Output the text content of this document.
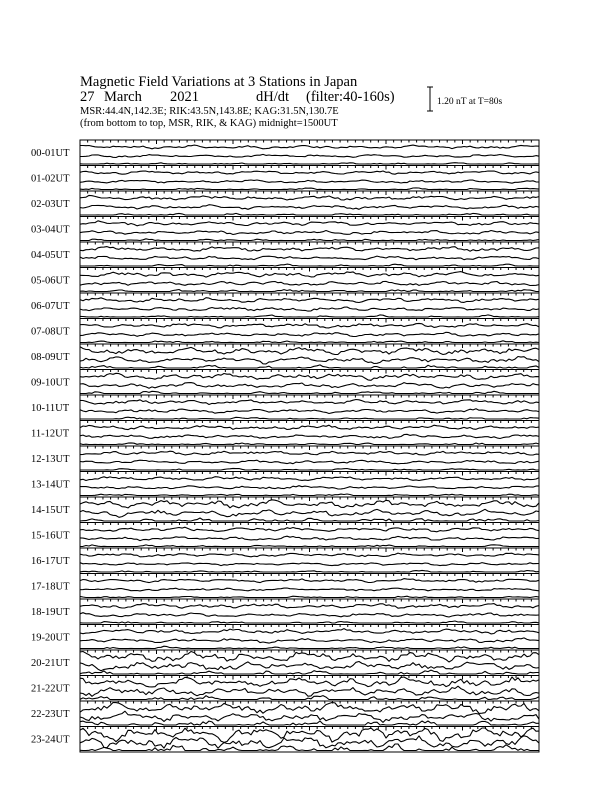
Magnetic Field Variations at 3 Stations in Japan
27 March 2021	dH/dt (filter:40-160s)
MSR:44.4N,142.3E; RIK:43.5N,143.8E; KAG:31.5N,130.7E
(from bottom to top, MSR, RIK, & KAG) midnight=1500UT
1.20 nT at T=80s
00-01UT
01-02UT
02-03UT
03-04UT
04-05UT
05-06UT
06-07UT
07-08UT
08-09UT
09-10UT
10-11UT
11-12UT
12-13UT
13-14UT
14-15UT
15-16UT
16-17UT
17-18UT
18-19UT
19-20UT
20-21UT
21-22UT
22-23UT
23-24UT
